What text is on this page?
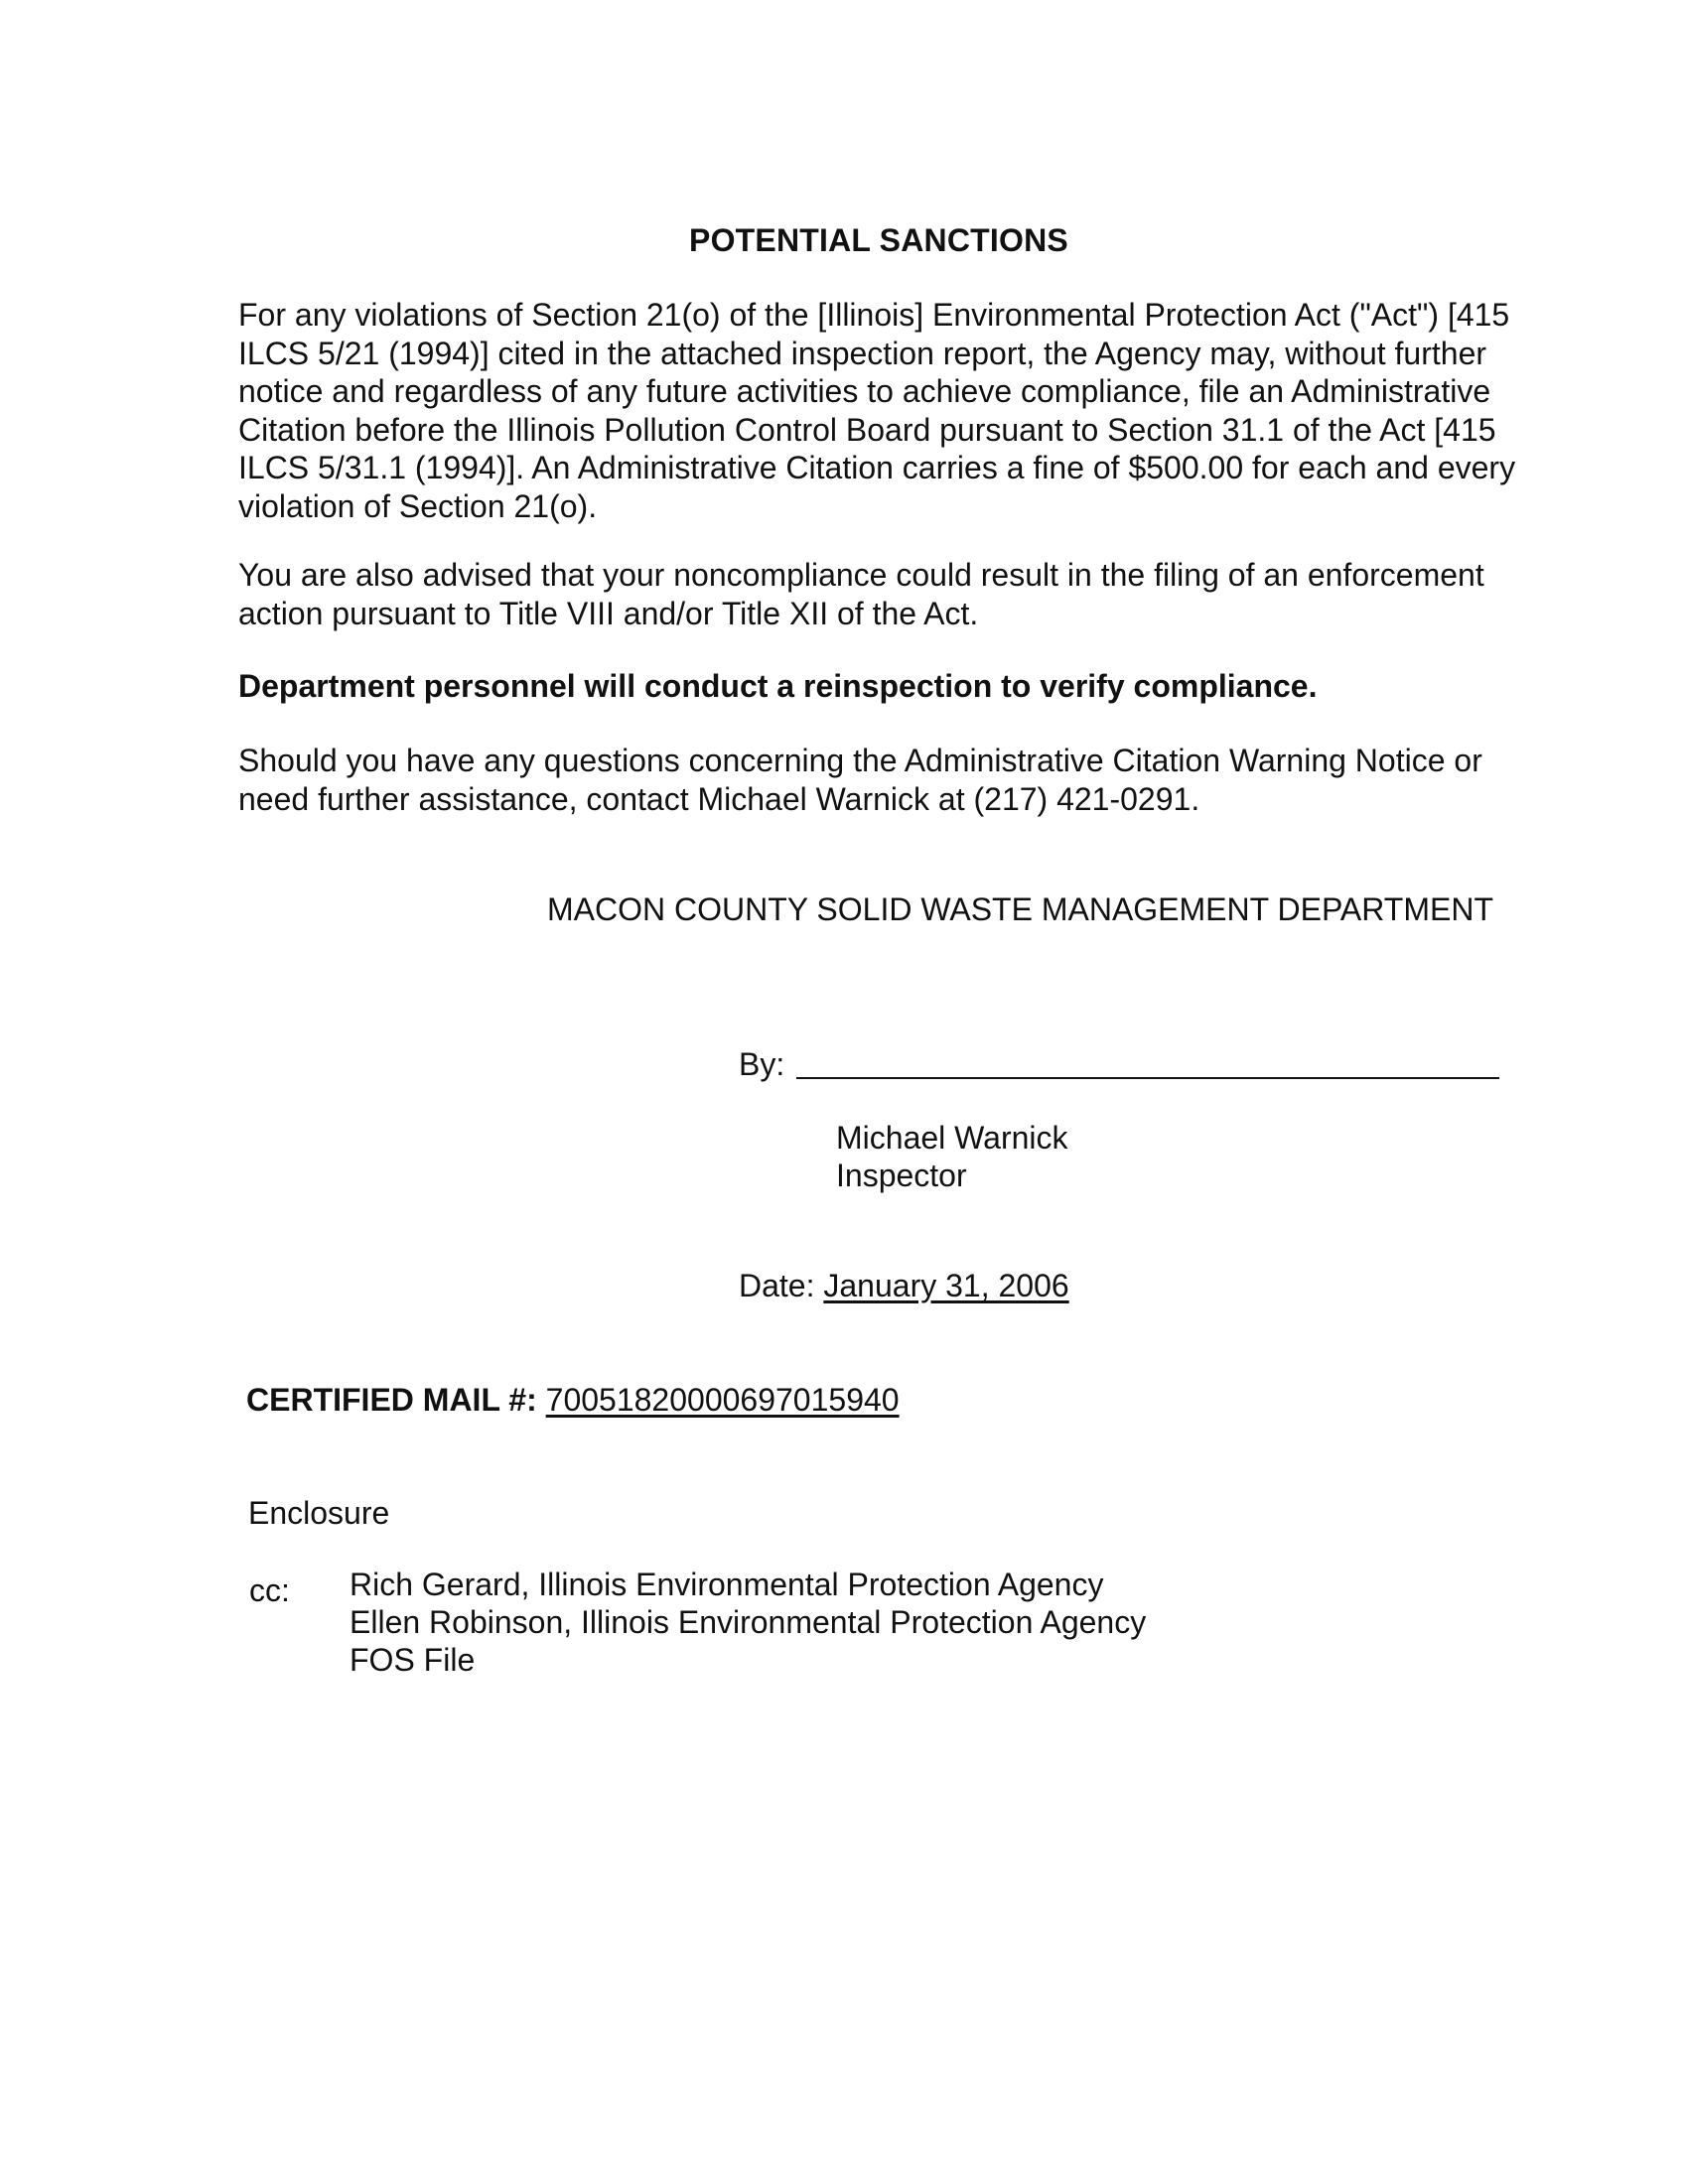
POTENTIAL SANCTIONS
For any violations of Section 21(o) of the [Illinois] Environmental Protection Act ("Act") [415 ILCS 5/21 (1994)] cited in the attached inspection report, the Agency may, without further notice and regardless of any future activities to achieve compliance, file an Administrative Citation before the Illinois Pollution Control Board pursuant to Section 31.1 of the Act [415 ILCS 5/31.1 (1994)]. An Administrative Citation carries a fine of $500.00 for each and every violation of Section 21(o).
You are also advised that your noncompliance could result in the filing of an enforcement action pursuant to Title VIII and/or Title XII of the Act.
Department personnel will conduct a reinspection to verify compliance.
Should you have any questions concerning the Administrative Citation Warning Notice or need further assistance, contact Michael Warnick at (217) 421-0291.
MACON COUNTY SOLID WASTE MANAGEMENT DEPARTMENT
By:
Michael Warnick
Inspector
Date: January 31, 2006
CERTIFIED MAIL #: 70051820000697015940
Enclosure
cc: Rich Gerard, Illinois Environmental Protection Agency
Ellen Robinson, Illinois Environmental Protection Agency
FOS File
